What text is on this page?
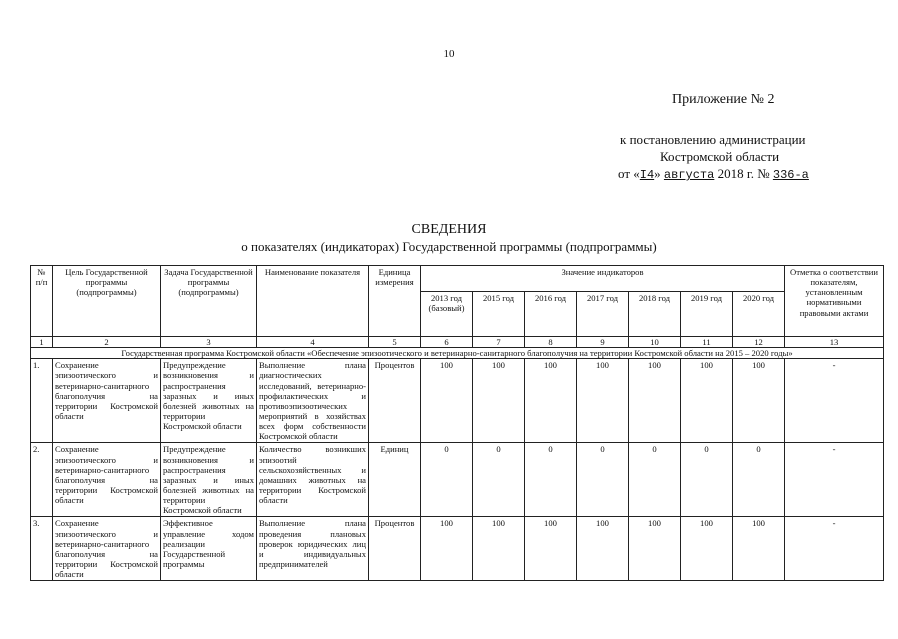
10
Приложение № 2
к постановлению администрации
Костромской области
от «I4» августа 2018 г. № 336-а
СВЕДЕНИЯ
о показателях (индикаторах) Государственной программы (подпрограммы)
№ п/п	Цель Государственной программы (подпрограммы)	Задача Государственной программы (подпрограммы)	Наименование показателя	Единица измерения	Значение индикаторов							Отметка о соответствии показателям, установленным нормативными правовыми актами
					2013 год (базовый)	2015 год	2016 год	2017 год	2018 год	2019 год	2020 год	
1	2	3	4	5	6	7	8	9	10	11	12	13
Государственная программа Костромской области «Обеспечение эпизоотического и ветеринарно-санитарного благополучия на территории Костромской области на 2015 – 2020 годы»												
1.	Сохранение эпизоотического и ветеринарно-санитарного благополучия на территории Костромской области	Предупреждение возникновения и распространения заразных и иных болезней животных на территории Костромской области	Выполнение плана диагностических исследований, ветеринарно-профилактических и противоэпизоотических мероприятий в хозяйствах всех форм собственности Костромской области	Процентов	100	100	100	100	100	100	100	-
2.	Сохранение эпизоотического и ветеринарно-санитарного благополучия на территории Костромской области	Предупреждение возникновения и распространения заразных и иных болезней животных на территории Костромской области	Количество возникших эпизоотий сельскохозяйственных и домашних животных на территории Костромской области	Единиц	0	0	0	0	0	0	0	-
3.	Сохранение эпизоотического и ветеринарно-санитарного благополучия на территории Костромской области	Эффективное управление ходом реализации Государственной программы	Выполнение плана проведения плановых проверок юридических лиц и индивидуальных предпринимателей	Процентов	100	100	100	100	100	100	100	-
